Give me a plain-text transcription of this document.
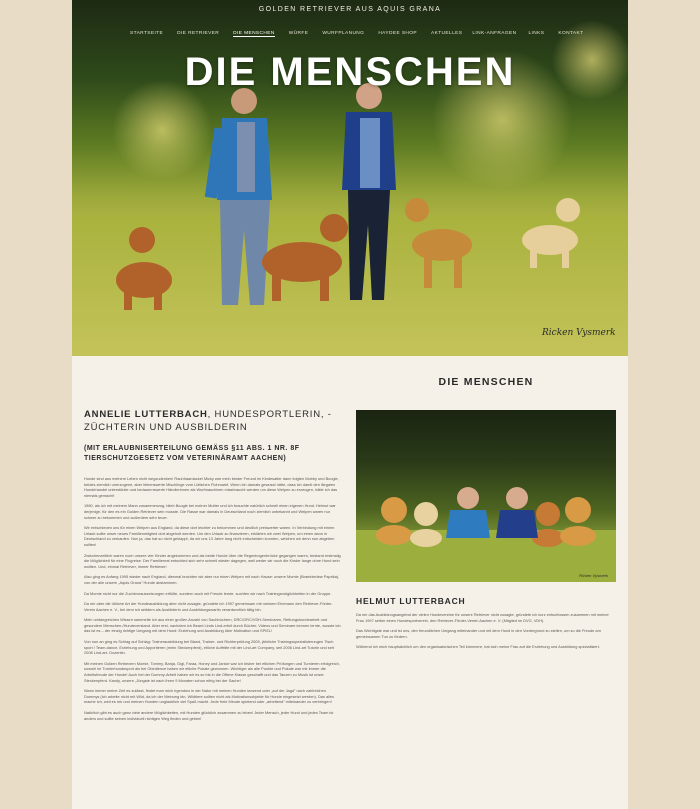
GOLDEN RETRIEVER AUS AQUIS GRANA
STARTSEITE	DIE RETRIEVER	DIE MENSCHEN	WÜRFE	WURFPLANUNG	HAYDEE SHOP	AKTUELLES LINK-ANFRAGEN	LINKS	KONTAKT
DIE MENSCHEN
Ricken Vysmerk
ANNELIE LUTTERBACH, HUNDESPORTLERIN, - ZÜCHTERIN UND AUSBILDERIN
(MIT ERLAUBNISERTEILUNG GEMÄSS §11 ABS. 1 NR. 8F TIERSCHUTZGESETZ VOM VETERINÄRAMT AACHEN)

Hunde sind aus meinem Leben nicht wegzudenken! Rauhhaardackel Micky war mein bester Freund im Kindesalter dann folgten Mobby und Boogie, beides ziemlich unerzogene, aber liebenswerte Mischlinge vom Lüttichen Flohmarkt. Wenn ich damals gewusst hätte, dass ich damit den illegalen Hundehandel unterstützte und bedauernswerte Händlerinnen als Wurfmaschinen missbraucht werden um diese Welpen zu erzeugen, hätte ich das niemals gemacht!

1980, als ich mit meinem Mann zusammenzog, blieb Boogie bei meiner Mutter und ich brauchte natürlich schnell einen eigenen Hund. Helmut war derjenige, für den es ein Golden Retriever sein musste. Die Rasse war damals in Deutschland noch ziemlich unbekannt und Welpen waren nur schwer zu bekommen und außerdem sehr teuer.

Wir entschieden uns für einen Welpen aus England, da diese dort leichter zu bekommen und deutlich preiswerter waren. In Verbindung mit einem Urlaub sollte unser neues Familienmitglied dort abgeholt werden. Um den Urlaub zu finanzieren, erklärten wir zwei Welpen, um einen dann in Deutschland zu verkaufen. Nun ja, das hat so nicht geklappt, da wir uns 13 Jahre lang nicht entscheiden konnten, welchen wir denn nun abgeben sollten!

Zwischenzeitlich waren noch unsere vier Kinder angekommen und als beide Hunde über die Regenbogenbrücke gegangen waren, bestand erstmalig die Möglichkeit für eine Flugreise. Der Familienrat entschied sich sehr schnell wieder dagegen, weil weder wir noch die Kinder lange ohne Hund sein wollten. Und, einmal Retriever, immer Retriever!

Also ging es Anfang 1995 wieder nach England, diesmal brachten wir aber nur einen Welpen mit nach Hause: unsere Momie (Brambledew Paprika), von der alle unsere „Aquis Grana" Hunde abstammen.

Da Momie nicht nur die Zuchtvoraussetzungen erfüllte, sondern auch mit Freude lernte, suchten wir nach Trainingsmöglichkeiten in der Gruppe.

Da mir aber die übliche Art der Hundeausbildung aber nicht zusagte, gründete ich 1997 gemeinsam mit meinem Ehemann den Retriever-Förder-Verein Aachen e. V., bei dem ich seitdem als Ausbilderin und Ausbildungswartin verantwortlich tätig bin.

Mein umfangreiches Wissen sammelte ich aus einer großen Anzahl von Sachbüchern, DRC/GRC/VDH-Seminaren, Rettungshundearbeit und gesundem Menschen-/Hundeverstand. Aber erst, nachdem ich Beard Linds Lind-erfolt durch Bücher, Videos und Seminare kennen lernte, wusste ich: das ist es – der einzig richtige Umgang mit dem Hund: Erziehung und Ausbildung über Motivation und SPIEL!

Von nun an ging es Schlag auf Schlag: Trainerausbildung bei Bland, Trainer- und Richterprüfung 2005, jährliche Trainingsspezialisierungen Tisch sport / Team-dance, Erziehung und Apportieren (mein Steckenpferd), etliche Auftritte mit der Lind-art Company, seit 2006 Lind-art Tutorin und seit 2008 Lind-art- Dozentin.

Mit meinen Golden Retrievern Momie, Tommy, Banja, Gigi, Faraa, Honey und Janice war ich bisher bei etlichen Prüfungen und Turnieren erfolgreich, sowohl im Turnierhundesport als bei Obedience haben wir etliche Pokale gewonnen. Wichtiger als alle Punkte und Pokale war mir immer die Arbeitsfreude der Hunde! Auch bei der Dummy-Arbeit haben wir es so bis in die Offene Klasse geschafft und das Tanzen zu Musik ist unser Steckenpferd. Kandy, unsere „Jüngste ist nach ihren 9 Monaten schon eifrig bei der Sache!

Wann immer meine Zeit es zulässt, findet man mich irgendwo in der Natur mit meinen Hunden tanzend oder „auf der Jagd" nach zahlreichen Dummys (ich arbeite nicht mit Wild, da ich der Meinung bin, Wildtiere sollten nicht als Motivationsobjekte für Hunde eingesetzt werden). Das alles mache ich, weil es mir und meinen Hunden unglaublich viel Spaß macht. Jede freie Minute spielend oder „arbeitend" miteinander zu verbringen!

Natürlich gibt es auch ganz viele andere Möglichkeiten, mit Hunden glücklich zusammen zu leben! Jeder Mensch, jeder Hund und jedes Team ist anders und sollte seinen individuell richtigen Weg finden und gehen!

DIE MENSCHEN
Ricken Vysmerk
HELMUT LUTTERBACH

Da mir das Ausbildungsangebot der vielen Hundevereine für unsere Retriever nicht zusagte, gründete ich kurz entschlossen zusammen mit meiner Frau 1997 selber einen Hundesportverein, den Retriever-Förder-Verein Aachen e. V. (Mitglied im DVG, VDH).

Das Wichtigste war und ist uns, den freundlichen Umgang miteinander und mit dem Hund in den Vordergrund zu stellen, um so die Freude am gemeinsamen Tun zu fördern.

Während ich mich hauptsächlich um den organisatorischen Teil kümmere, hat sich meine Frau auf die Erziehung und Ausbildung spezialisiert.
